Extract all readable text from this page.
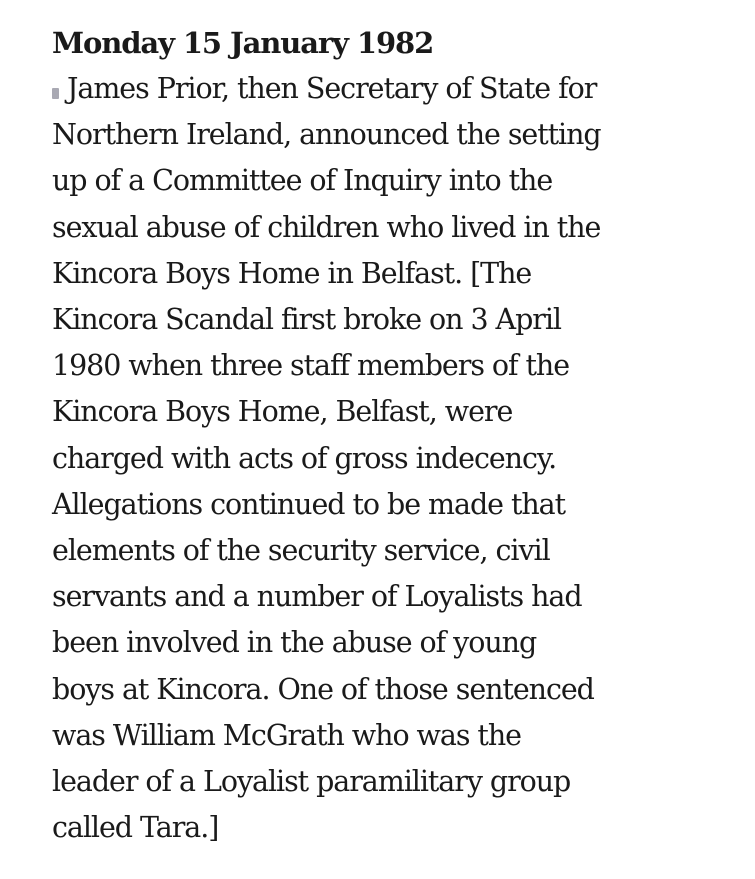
Monday 15 January 1982

James Prior, then Secretary of State for
Northern Ireland, announced the setting
up of a Committee of Inquiry into the
sexual abuse of children who lived in the
Kincora Boys Home in Belfast. [The
Kincora Scandal first broke on 3 April
1980 when three staff members of the
Kincora Boys Home, Belfast, were
charged with acts of gross indecency.
Allegations continued to be made that
elements of the security service, civil
servants and a number of Loyalists had
been involved in the abuse of young
boys at Kincora. One of those sentenced
was William McGrath who was the
leader of a Loyalist paramilitary group
called Tara.]
